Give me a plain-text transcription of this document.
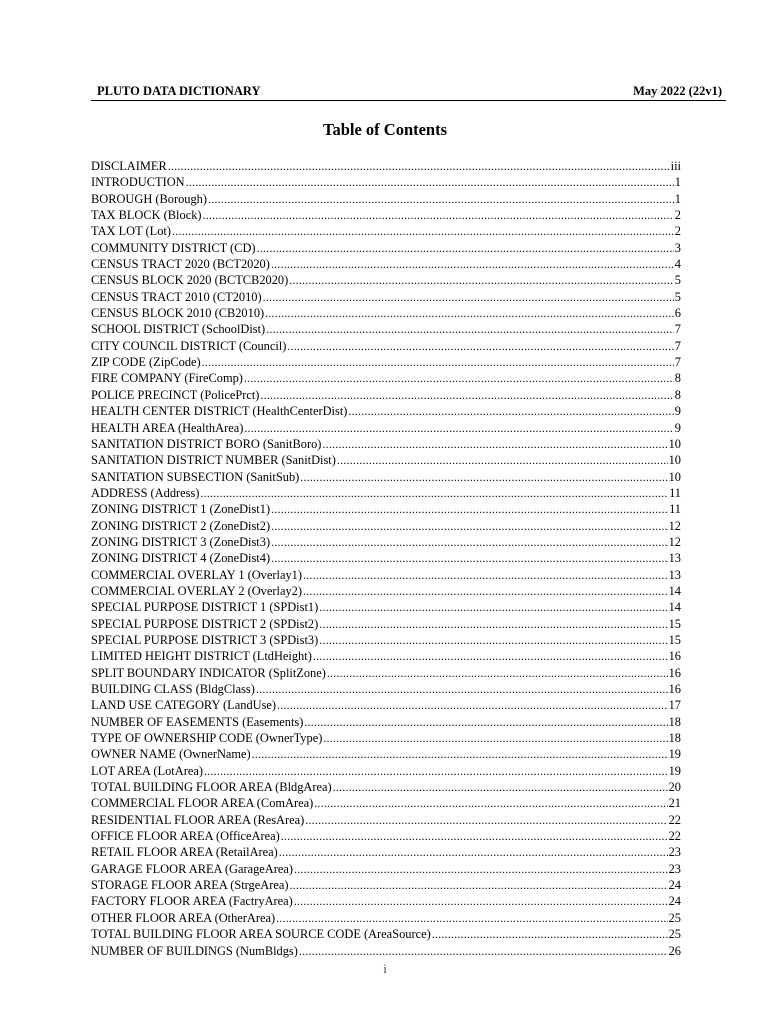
PLUTO DATA DICTIONARY	May 2022 (22v1)
Table of Contents
DISCLAIMER .....	iii
INTRODUCTION .....	1
BOROUGH (Borough) .....	1
TAX BLOCK (Block) .....	2
TAX LOT (Lot) .....	2
COMMUNITY DISTRICT (CD) .....	3
CENSUS TRACT 2020 (BCT2020) .....	4
CENSUS BLOCK 2020 (BCTCB2020) .....	5
CENSUS TRACT 2010 (CT2010) .....	5
CENSUS BLOCK 2010 (CB2010) .....	6
SCHOOL DISTRICT (SchoolDist) .....	7
CITY COUNCIL DISTRICT (Council) .....	7
ZIP CODE (ZipCode) .....	7
FIRE COMPANY (FireComp) .....	8
POLICE PRECINCT (PolicePrct) .....	8
HEALTH CENTER DISTRICT (HealthCenterDist) .....	9
HEALTH AREA (HealthArea) .....	9
SANITATION DISTRICT BORO (SanitBoro) .....	10
SANITATION DISTRICT NUMBER (SanitDist) .....	10
SANITATION SUBSECTION (SanitSub) .....	10
ADDRESS (Address) .....	11
ZONING DISTRICT 1 (ZoneDist1) .....	11
ZONING DISTRICT 2 (ZoneDist2) .....	12
ZONING DISTRICT 3 (ZoneDist3) .....	12
ZONING DISTRICT 4 (ZoneDist4) .....	13
COMMERCIAL OVERLAY 1 (Overlay1) .....	13
COMMERCIAL OVERLAY 2 (Overlay2) .....	14
SPECIAL PURPOSE DISTRICT 1 (SPDist1) .....	14
SPECIAL PURPOSE DISTRICT 2 (SPDist2) .....	15
SPECIAL PURPOSE DISTRICT 3 (SPDist3) .....	15
LIMITED HEIGHT DISTRICT (LtdHeight) .....	16
SPLIT BOUNDARY INDICATOR (SplitZone) .....	16
BUILDING CLASS (BldgClass) .....	16
LAND USE CATEGORY (LandUse) .....	17
NUMBER OF EASEMENTS (Easements) .....	18
TYPE OF OWNERSHIP CODE (OwnerType) .....	18
OWNER NAME (OwnerName) .....	19
LOT AREA (LotArea) .....	19
TOTAL BUILDING FLOOR AREA (BldgArea) .....	20
COMMERCIAL FLOOR AREA (ComArea) .....	21
RESIDENTIAL FLOOR AREA (ResArea) .....	22
OFFICE FLOOR AREA (OfficeArea) .....	22
RETAIL FLOOR AREA (RetailArea) .....	23
GARAGE FLOOR AREA (GarageArea) .....	23
STORAGE FLOOR AREA (StrgeArea) .....	24
FACTORY FLOOR AREA (FactryArea) .....	24
OTHER FLOOR AREA (OtherArea) .....	25
TOTAL BUILDING FLOOR AREA SOURCE CODE (AreaSource) .....	25
NUMBER OF BUILDINGS (NumBldgs) .....	26
i
